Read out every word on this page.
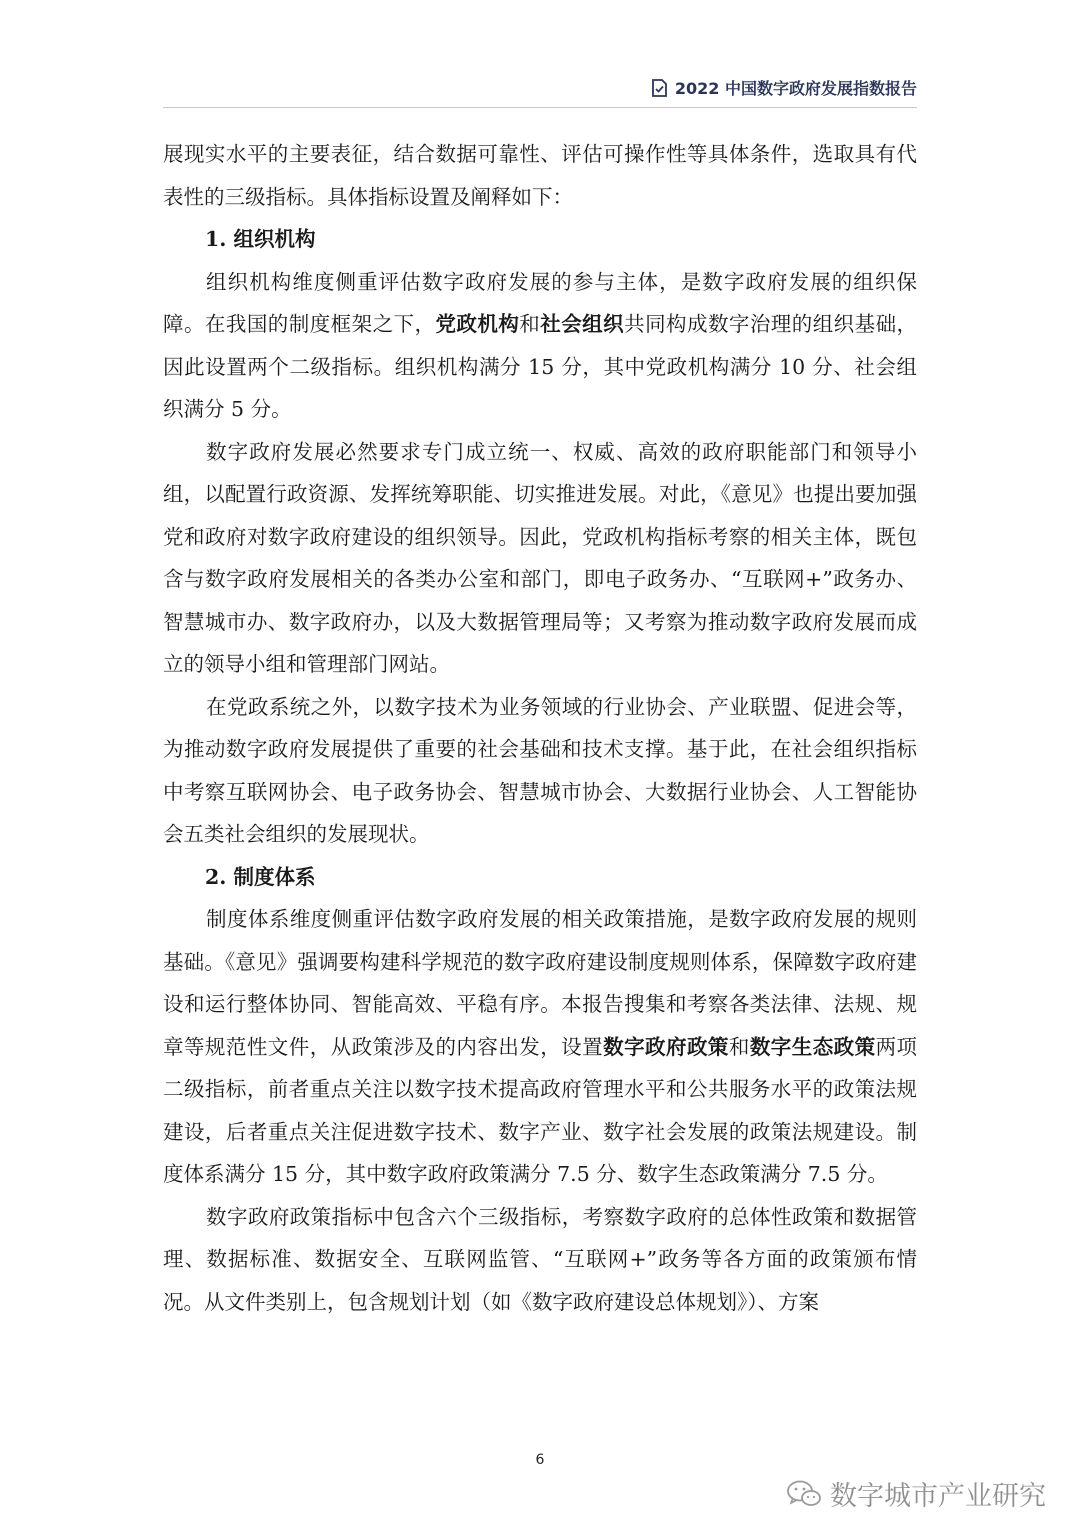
2022 中国数字政府发展指数报告

展现实水平的主要表征，结合数据可靠性、评估可操作性等具体条件，选取具有代表性的三级指标。具体指标设置及阐释如下：

1. 组织机构

组织机构维度侧重评估数字政府发展的参与主体，是数字政府发展的组织保障。在我国的制度框架之下，党政机构和社会组织共同构成数字治理的组织基础，因此设置两个二级指标。组织机构满分 15 分，其中党政机构满分 10 分、社会组织满分 5 分。

数字政府发展必然要求专门成立统一、权威、高效的政府职能部门和领导小组，以配置行政资源、发挥统筹职能、切实推进发展。对此，《意见》也提出要加强党和政府对数字政府建设的组织领导。因此，党政机构指标考察的相关主体，既包含与数字政府发展相关的各类办公室和部门，即电子政务办、“互联网+”政务办、智慧城市办、数字政府办，以及大数据管理局等；又考察为推动数字政府发展而成立的领导小组和管理部门网站。

在党政系统之外，以数字技术为业务领域的行业协会、产业联盟、促进会等，为推动数字政府发展提供了重要的社会基础和技术支撑。基于此，在社会组织指标中考察互联网协会、电子政务协会、智慧城市协会、大数据行业协会、人工智能协会五类社会组织的发展现状。

2. 制度体系

制度体系维度侧重评估数字政府发展的相关政策措施，是数字政府发展的规则基础。《意见》强调要构建科学规范的数字政府建设制度规则体系，保障数字政府建设和运行整体协同、智能高效、平稳有序。本报告搜集和考察各类法律、法规、规章等规范性文件，从政策涉及的内容出发，设置数字政府政策和数字生态政策两项二级指标，前者重点关注以数字技术提高政府管理水平和公共服务水平的政策法规建设，后者重点关注促进数字技术、数字产业、数字社会发展的政策法规建设。制度体系满分 15 分，其中数字政府政策满分 7.5 分、数字生态政策满分 7.5 分。

数字政府政策指标中包含六个三级指标，考察数字政府的总体性政策和数据管理、数据标准、数据安全、互联网监管、“互联网+”政务等各方面的政策颁布情况。从文件类别上，包含规划计划（如《数字政府建设总体规划》）、方案

6
数字城市产业研究
